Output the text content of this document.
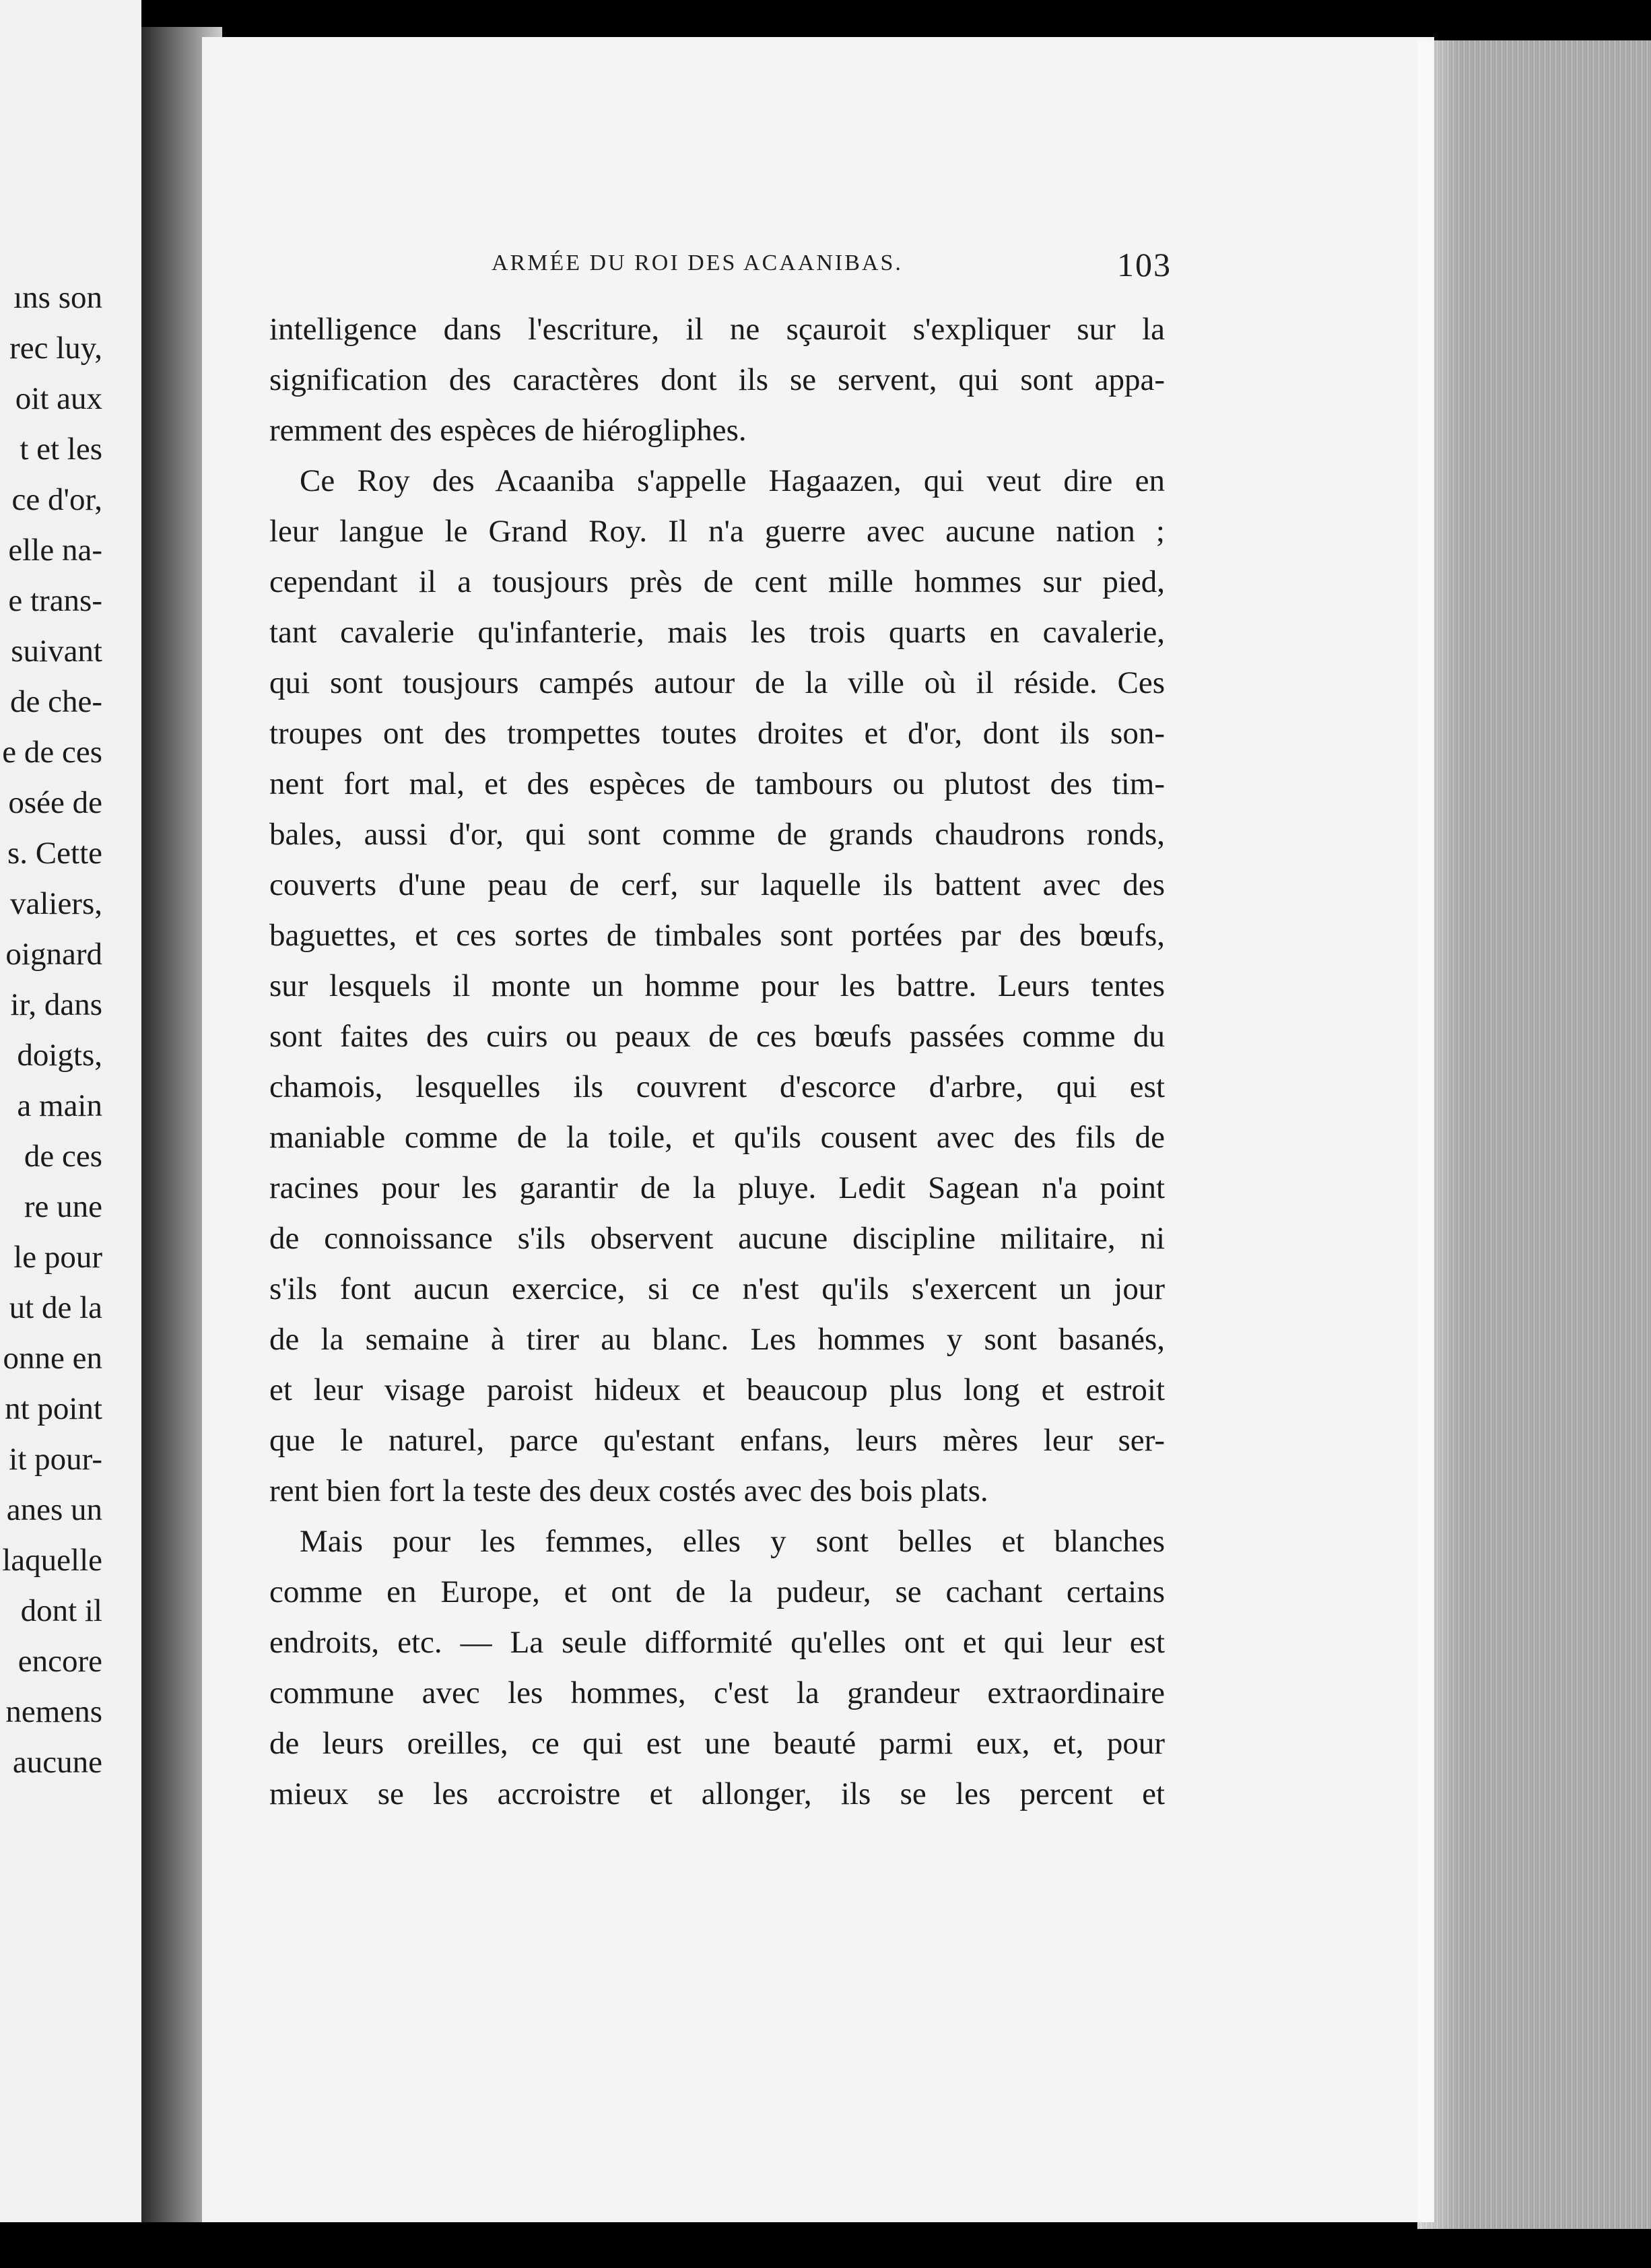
ıns son
rec luy,
oit aux
t et les
ce d'or,
elle na-
e trans-
suivant
de che-
e de ces
osée de
s. Cette
valiers,
oignard
ir, dans
doigts,
a main
de ces
re une
le pour
ut de la
onne en
nt point
it pour-
anes un
laquelle
dont il
encore
nemens
aucune
ARMÉE DU ROI DES ACAANIBAS.	103
intelligence dans l'escriture, il ne sçauroit s'expliquer sur la
signification des caractères dont ils se servent, qui sont appa-
remment des espèces de hiérogliphes.
Ce Roy des Acaaniba s'appelle Hagaazen, qui veut dire en
leur langue le Grand Roy. Il n'a guerre avec aucune nation ;
cependant il a tousjours près de cent mille hommes sur pied,
tant cavalerie qu'infanterie, mais les trois quarts en cavalerie,
qui sont tousjours campés autour de la ville où il réside. Ces
troupes ont des trompettes toutes droites et d'or, dont ils son-
nent fort mal, et des espèces de tambours ou plutost des tim-
bales, aussi d'or, qui sont comme de grands chaudrons ronds,
couverts d'une peau de cerf, sur laquelle ils battent avec des
baguettes, et ces sortes de timbales sont portées par des bœufs,
sur lesquels il monte un homme pour les battre. Leurs tentes
sont faites des cuirs ou peaux de ces bœufs passées comme du
chamois, lesquelles ils couvrent d'escorce d'arbre, qui est
maniable comme de la toile, et qu'ils cousent avec des fils de
racines pour les garantir de la pluye. Ledit Sagean n'a point
de connoissance s'ils observent aucune discipline militaire, ni
s'ils font aucun exercice, si ce n'est qu'ils s'exercent un jour
de la semaine à tirer au blanc. Les hommes y sont basanés,
et leur visage paroist hideux et beaucoup plus long et estroit
que le naturel, parce qu'estant enfans, leurs mères leur ser-
rent bien fort la teste des deux costés avec des bois plats.
Mais pour les femmes, elles y sont belles et blanches
comme en Europe, et ont de la pudeur, se cachant certains
endroits, etc. — La seule difformité qu'elles ont et qui leur est
commune avec les hommes, c'est la grandeur extraordinaire
de leurs oreilles, ce qui est une beauté parmi eux, et, pour
mieux se les accroistre et allonger, ils se les percent et
